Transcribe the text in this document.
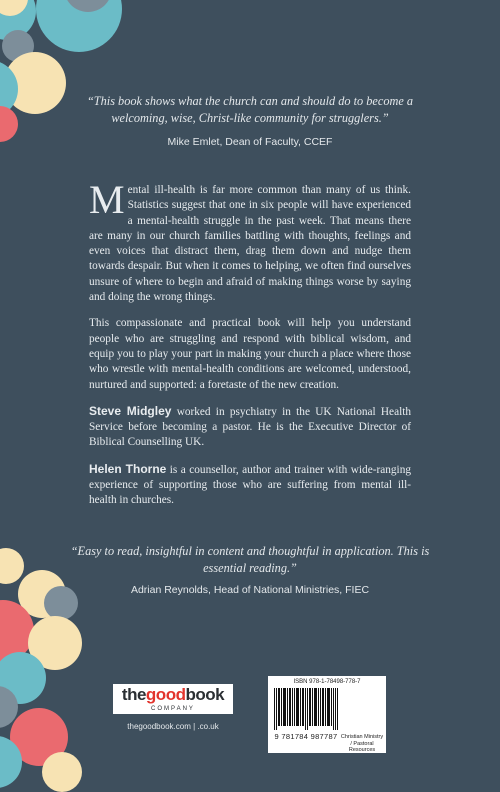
“This book shows what the church can and should do to become a welcoming, wise, Christ-like community for strugglers.”
Mike Emlet, Dean of Faculty, CCEF

Mental ill-health is far more common than many of us think. Statistics suggest that one in six people will have experienced a mental-health struggle in the past week. That means there are many in our church families battling with thoughts, feelings and even voices that distract them, drag them down and nudge them towards despair. But when it comes to helping, we often find ourselves unsure of where to begin and afraid of making things worse by saying and doing the wrong things.

This compassionate and practical book will help you understand people who are struggling and respond with biblical wisdom, and equip you to play your part in making your church a place where those who wrestle with mental-health conditions are welcomed, understood, nurtured and supported: a foretaste of the new creation.

Steve Midgley worked in psychiatry in the UK National Health Service before becoming a pastor. He is the Executive Director of Biblical Counselling UK.

Helen Thorne is a counsellor, author and trainer with wide-ranging experience of supporting those who are suffering from mental ill-health in churches.

“Easy to read, insightful in content and thoughtful in application. This is essential reading.”
Adrian Reynolds, Head of National Ministries, FIEC
thegoodbook
COMPANY
thegoodbook.com | .co.uk
ISBN 978-1-78498-778-7
9 781784 987787 Christian Ministry / Pastoral Resources
